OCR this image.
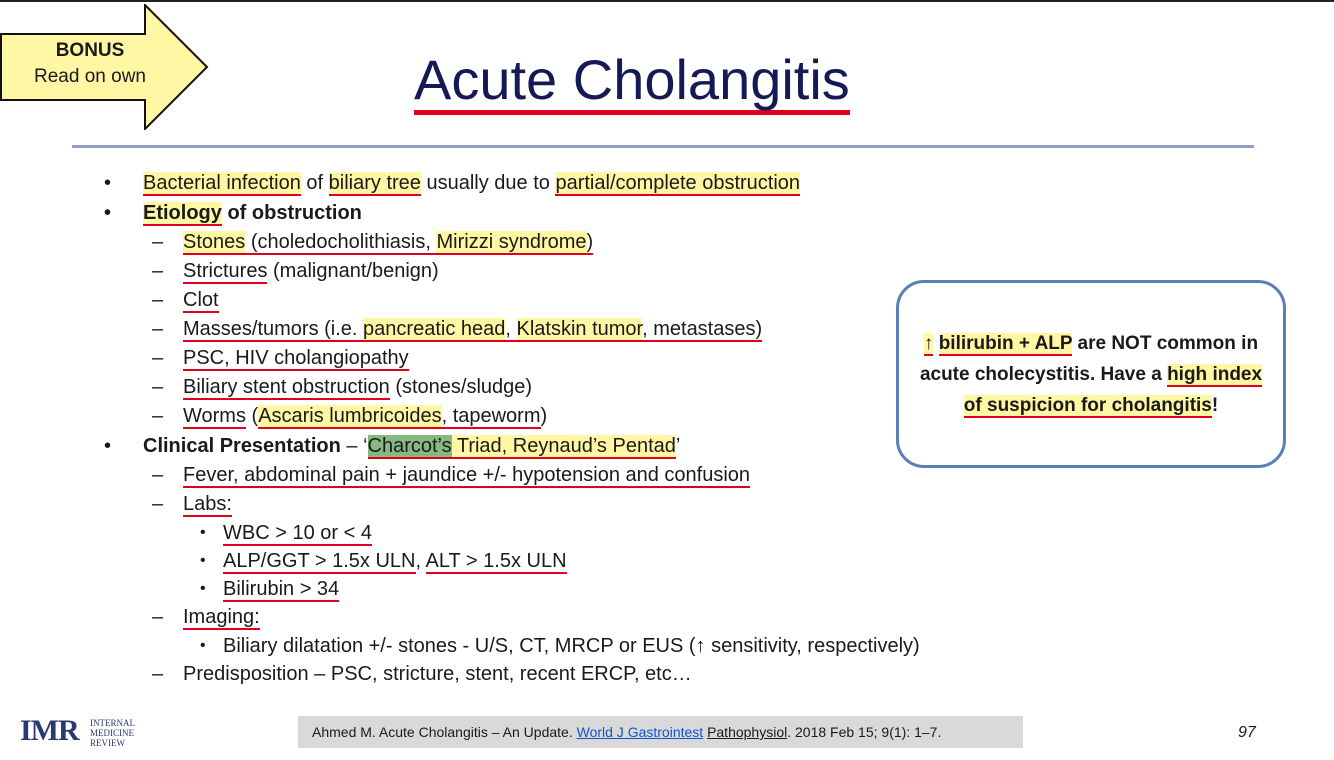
BONUS
Read on own	Acute Cholangitis
• Bacterial infection of biliary tree usually due to partial/complete obstruction
• Etiology of obstruction
– Stones (choledocholithiasis, Mirizzi syndrome)
– Strictures (malignant/benign)
– Clot
– Masses/tumors (i.e. pancreatic head, Klatskin tumor, metastases)
– PSC, HIV cholangiopathy
– Biliary stent obstruction (stones/sludge)
– Worms (Ascaris lumbricoides, tapeworm)
• Clinical Presentation – ‘Charcot’s Triad, Reynaud’s Pentad’
– Fever, abdominal pain + jaundice +/- hypotension and confusion
– Labs:
• WBC > 10 or < 4
• ALP/GGT > 1.5x ULN, ALT > 1.5x ULN
• Bilirubin > 34
– Imaging:
• Biliary dilatation +/- stones - U/S, CT, MRCP or EUS (↑ sensitivity, respectively)
– Predisposition – PSC, stricture, stent, recent ERCP, etc…
↑ bilirubin + ALP are NOT common in acute cholecystitis. Have a high index of suspicion for cholangitis!
IMR INTERNAL
MEDICINE
REVIEW
Ahmed M. Acute Cholangitis – An Update. World J Gastrointest Pathophysiol. 2018 Feb 15; 9(1): 1–7.	97
